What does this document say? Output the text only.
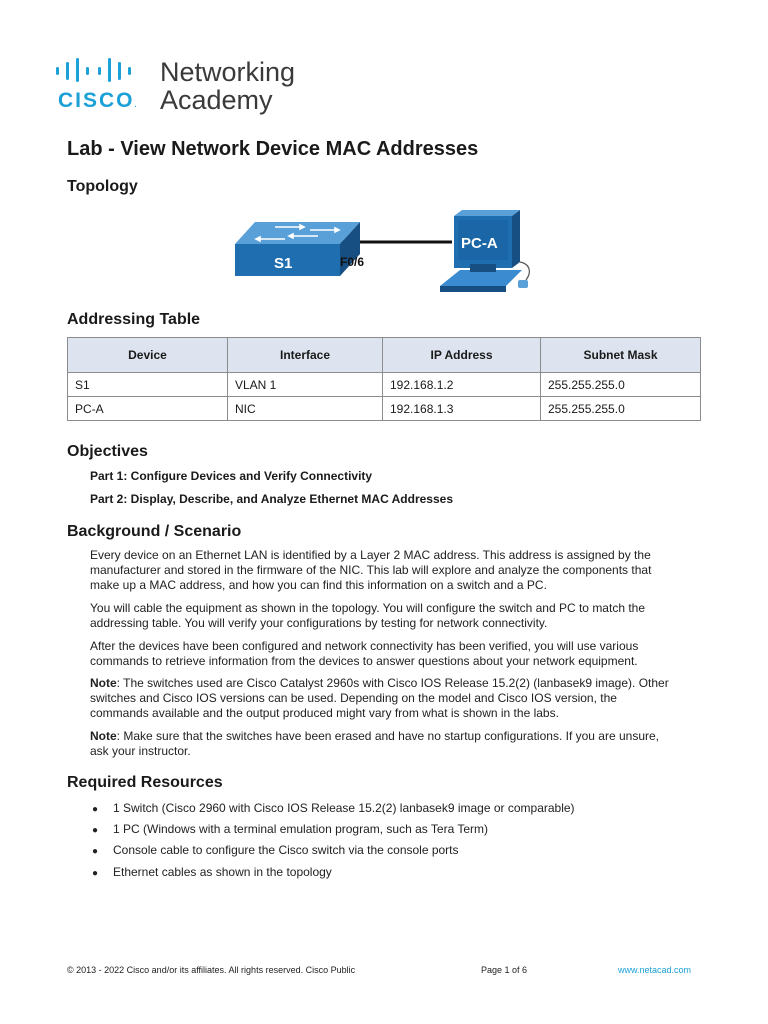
CISCO.
Networking
Academy
Lab - View Network Device MAC Addresses
Topology
S1	F0/6
PC-A
Addressing Table
Device	Interface	IP Address	Subnet Mask
S1	VLAN 1	192.168.1.2	255.255.255.0
PC-A	NIC	192.168.1.3	255.255.255.0
Objectives
Part 1: Configure Devices and Verify Connectivity
Part 2: Display, Describe, and Analyze Ethernet MAC Addresses
Background / Scenario
Every device on an Ethernet LAN is identified by a Layer 2 MAC address. This address is assigned by the
manufacturer and stored in the firmware of the NIC. This lab will explore and analyze the components that
make up a MAC address, and how you can find this information on a switch and a PC.
You will cable the equipment as shown in the topology. You will configure the switch and PC to match the
addressing table. You will verify your configurations by testing for network connectivity.
After the devices have been configured and network connectivity has been verified, you will use various
commands to retrieve information from the devices to answer questions about your network equipment.
Note: The switches used are Cisco Catalyst 2960s with Cisco IOS Release 15.2(2) (lanbasek9 image). Other
switches and Cisco IOS versions can be used. Depending on the model and Cisco IOS version, the
commands available and the output produced might vary from what is shown in the labs.
Note: Make sure that the switches have been erased and have no startup configurations. If you are unsure,
ask your instructor.
Required Resources
● 1 Switch (Cisco 2960 with Cisco IOS Release 15.2(2) lanbasek9 image or comparable)
● 1 PC (Windows with a terminal emulation program, such as Tera Term)
● Console cable to configure the Cisco switch via the console ports
● Ethernet cables as shown in the topology
© 2013 - 2022 Cisco and/or its affiliates. All rights reserved. Cisco Public	Page 1 of 6	www.netacad.com
